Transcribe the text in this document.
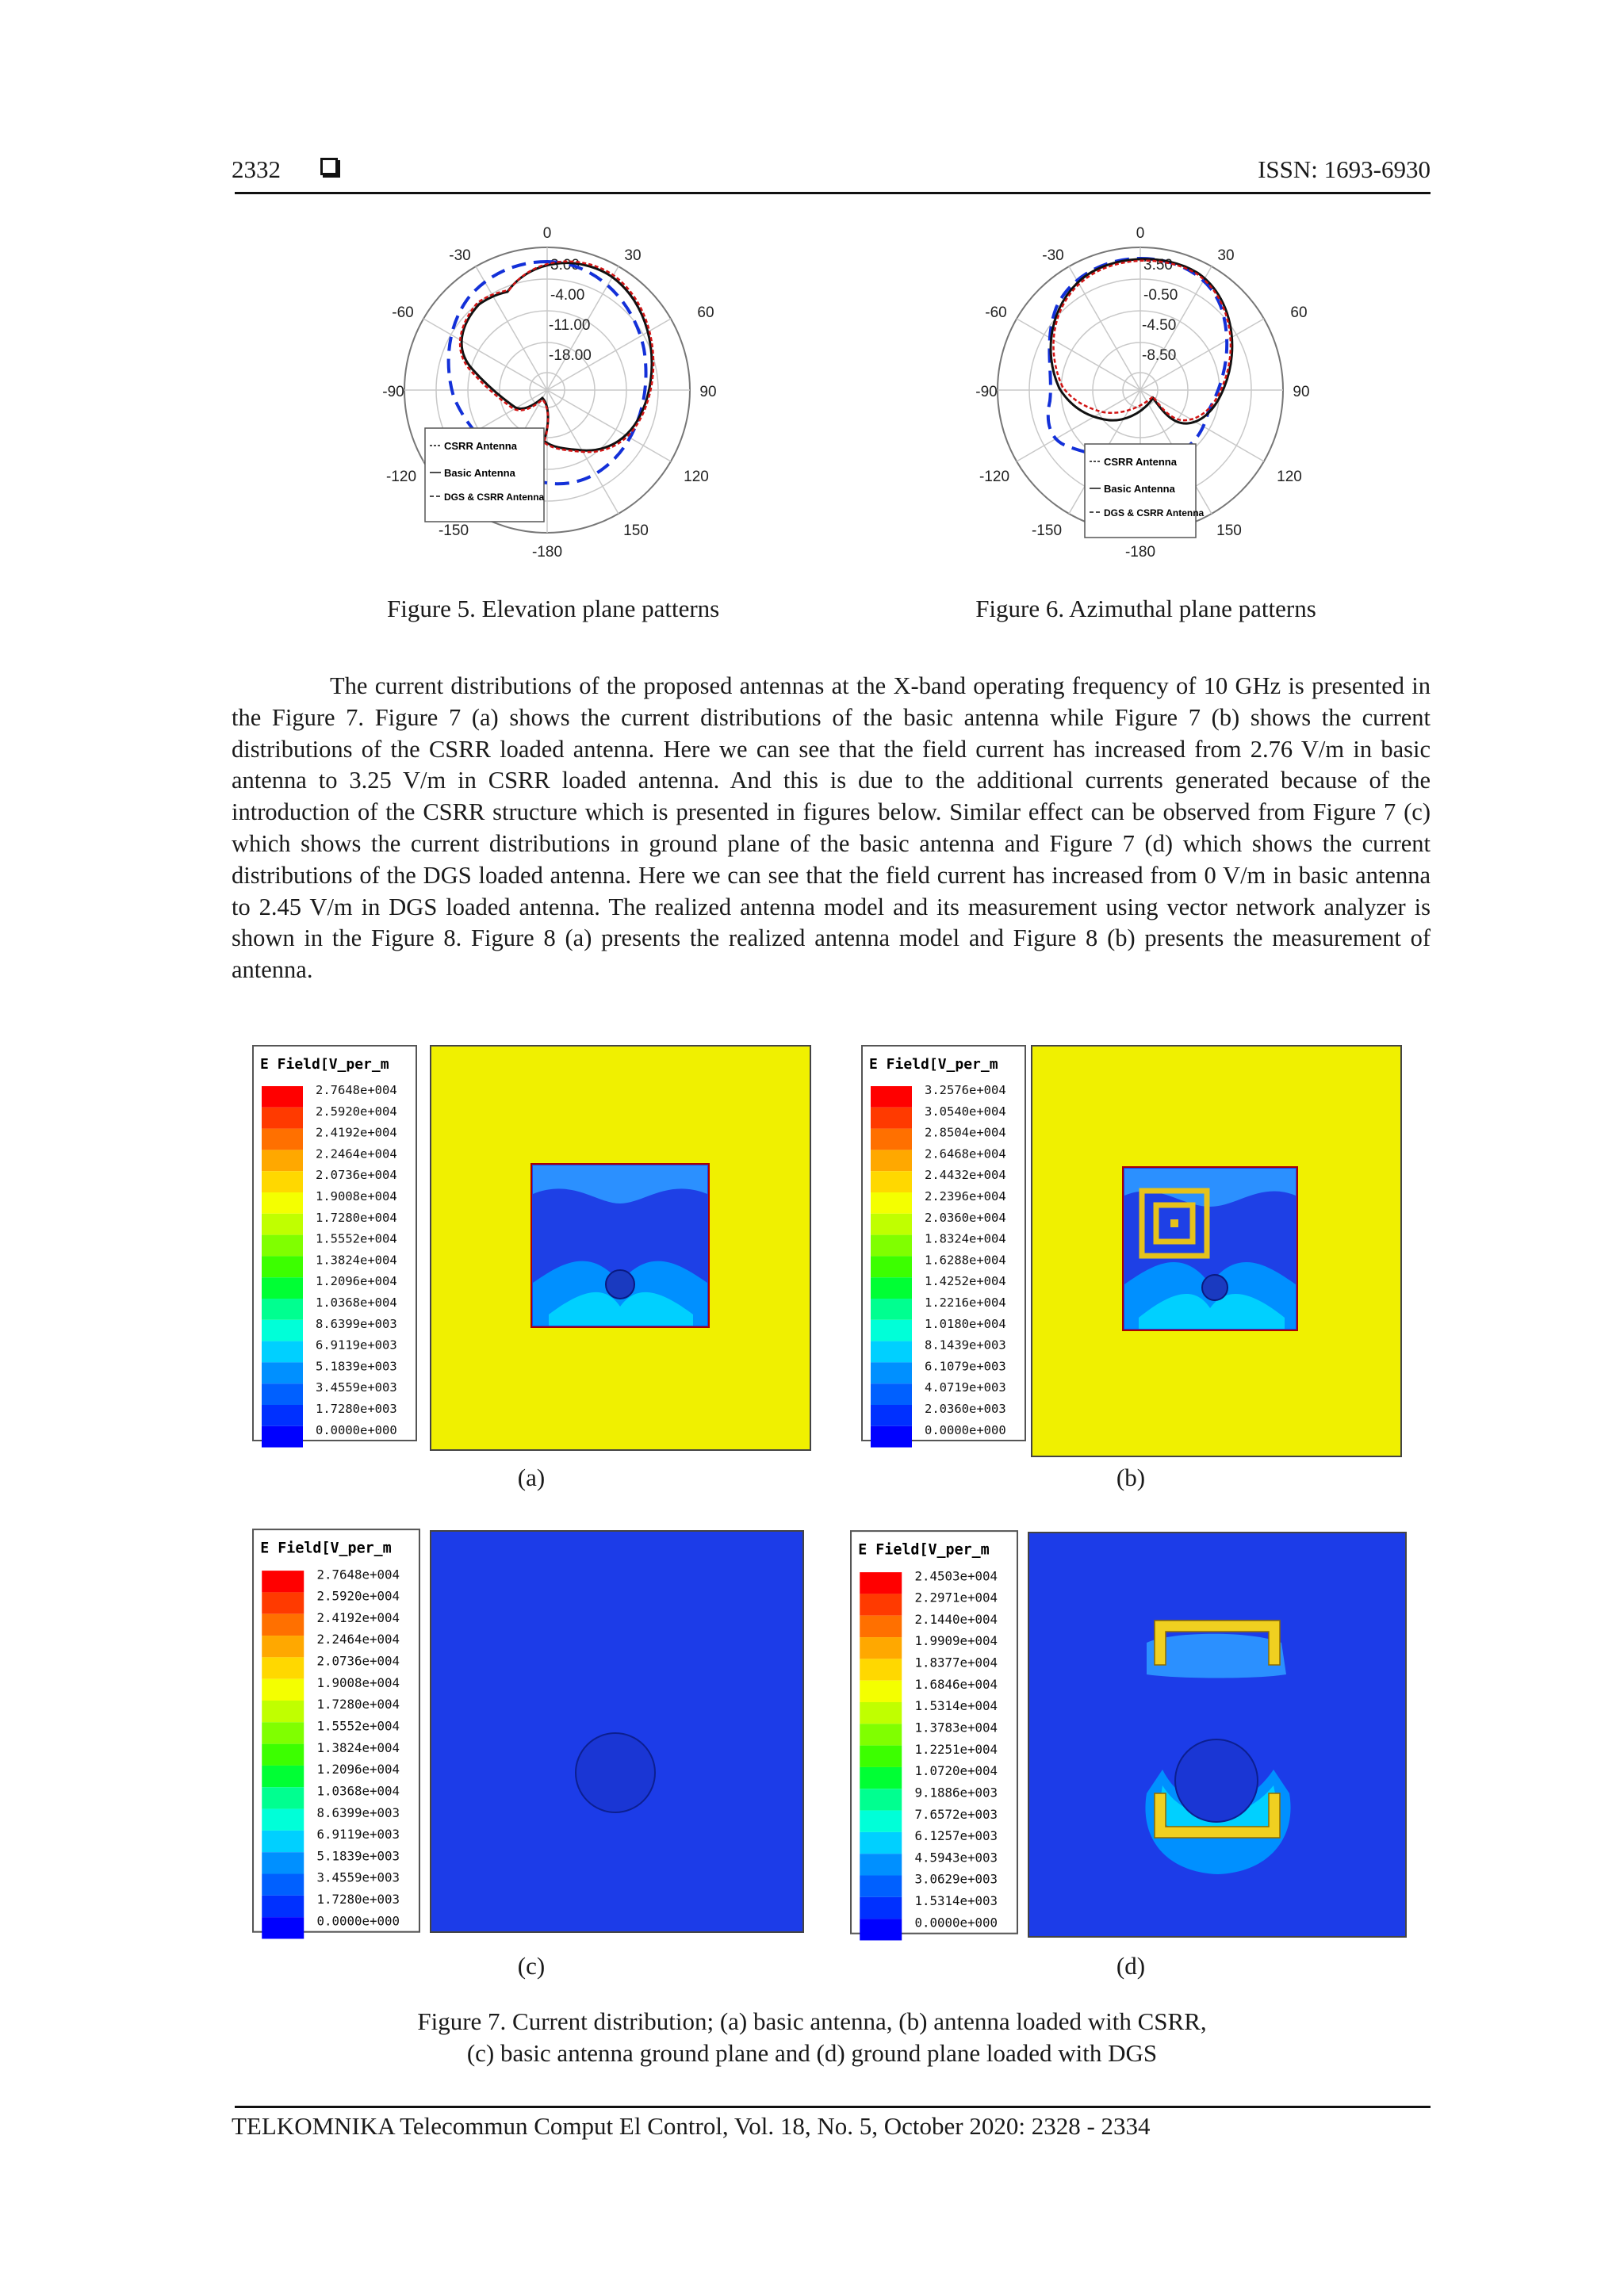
2332	ISSN: 1693-6930
0
30
60
90
120
150
-180
-150
-120
-90
-60
-30
3.00
-4.00
-11.00
-18.00
CSRR Antenna
Basic Antenna
DGS & CSRR Antenna
Figure 5. Elevation plane patterns
0
30
60
90
120
150
-180
-150
-120
-90
-60
-30
3.50
-0.50
-4.50
-8.50
CSRR Antenna
Basic Antenna
DGS & CSRR Antenna
Figure 6. Azimuthal plane patterns

The current distributions of the proposed antennas at the X-band operating frequency of 10 GHz is presented in the Figure 7. Figure 7 (a) shows the current distributions of the basic antenna while Figure 7 (b) shows the current distributions of the CSRR loaded antenna. Here we can see that the field current has increased from 2.76 V/m in basic antenna to 3.25 V/m in CSRR loaded antenna. And this is due to the additional currents generated because of the introduction of the CSRR structure which is presented in figures below. Similar effect can be observed from Figure 7 (c) which shows the current distributions in ground plane of the basic antenna and Figure 7 (d) which shows the current distributions of the DGS loaded antenna. Here we can see that the field current has increased from 0 V/m in basic antenna to 2.45 V/m in DGS loaded antenna. The realized antenna model and its measurement using vector network analyzer is shown in the Figure 8. Figure 8 (a) presents the realized antenna model and Figure 8 (b) presents the measurement of antenna.

E Field[V_per_m
2.7648e+004
2.5920e+004
2.4192e+004
2.2464e+004
2.0736e+004
1.9008e+004
1.7280e+004
1.5552e+004
1.3824e+004
1.2096e+004
1.0368e+004
8.6399e+003
6.9119e+003
5.1839e+003
3.4559e+003
1.7280e+003
0.0000e+000
(a)
E Field[V_per_m
3.2576e+004
3.0540e+004
2.8504e+004
2.6468e+004
2.4432e+004
2.2396e+004
2.0360e+004
1.8324e+004
1.6288e+004
1.4252e+004
1.2216e+004
1.0180e+004
8.1439e+003
6.1079e+003
4.0719e+003
2.0360e+003
0.0000e+000
(b)
E Field[V_per_m
2.7648e+004
2.5920e+004
2.4192e+004
2.2464e+004
2.0736e+004
1.9008e+004
1.7280e+004
1.5552e+004
1.3824e+004
1.2096e+004
1.0368e+004
8.6399e+003
6.9119e+003
5.1839e+003
3.4559e+003
1.7280e+003
0.0000e+000
(c)
E Field[V_per_m
2.4503e+004
2.2971e+004
2.1440e+004
1.9909e+004
1.8377e+004
1.6846e+004
1.5314e+004
1.3783e+004
1.2251e+004
1.0720e+004
9.1886e+003
7.6572e+003
6.1257e+003
4.5943e+003
3.0629e+003
1.5314e+003
0.0000e+000
(d)
Figure 7. Current distribution; (a) basic antenna, (b) antenna loaded with CSRR,
(c) basic antenna ground plane and (d) ground plane loaded with DGS
TELKOMNIKA Telecommun Comput El Control, Vol. 18, No. 5, October 2020: 2328 - 2334
